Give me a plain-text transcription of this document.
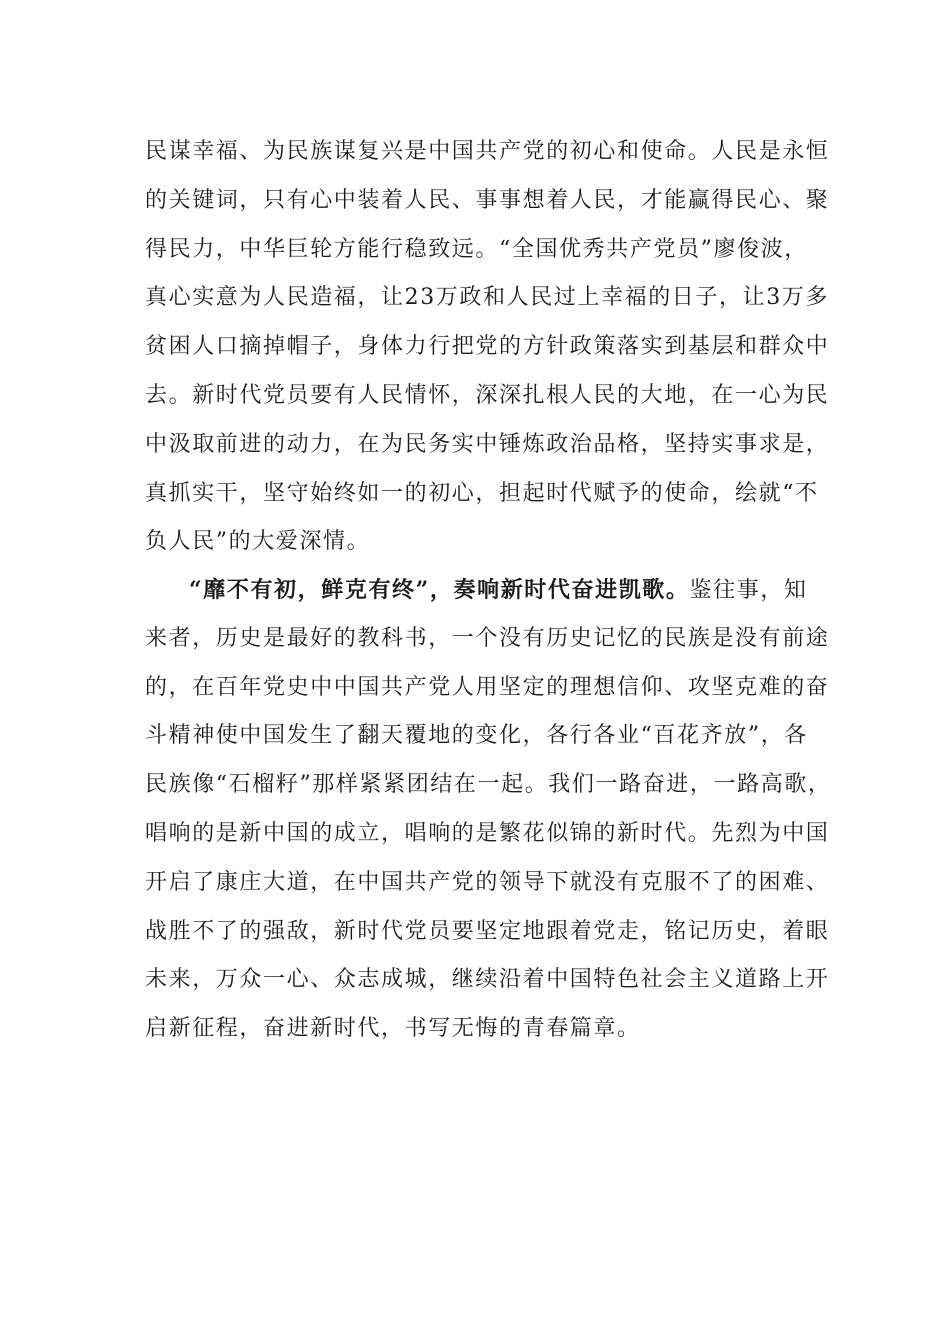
民谋幸福、为民族谋复兴是中国共产党的初心和使命。人民是永恒
的关键词，只有心中装着人民、事事想着人民，才能赢得民心、聚
得民力，中华巨轮方能行稳致远。“全国优秀共产党员”廖俊波，
真心实意为人民造福，让23万政和人民过上幸福的日子，让3万多
贫困人口摘掉帽子，身体力行把党的方针政策落实到基层和群众中
去。新时代党员要有人民情怀，深深扎根人民的大地，在一心为民
中汲取前进的动力，在为民务实中锤炼政治品格，坚持实事求是，
真抓实干，坚守始终如一的初心，担起时代赋予的使命，绘就“不
负人民”的大爱深情。
“靡不有初，鲜克有终”，奏响新时代奋进凯歌。鉴往事，知
来者，历史是最好的教科书，一个没有历史记忆的民族是没有前途
的，在百年党史中中国共产党人用坚定的理想信仰、攻坚克难的奋
斗精神使中国发生了翻天覆地的变化，各行各业“百花齐放”，各
民族像“石榴籽”那样紧紧团结在一起。我们一路奋进，一路高歌，
唱响的是新中国的成立，唱响的是繁花似锦的新时代。先烈为中国
开启了康庄大道，在中国共产党的领导下就没有克服不了的困难、
战胜不了的强敌，新时代党员要坚定地跟着党走，铭记历史，着眼
未来，万众一心、众志成城，继续沿着中国特色社会主义道路上开
启新征程，奋进新时代，书写无悔的青春篇章。
